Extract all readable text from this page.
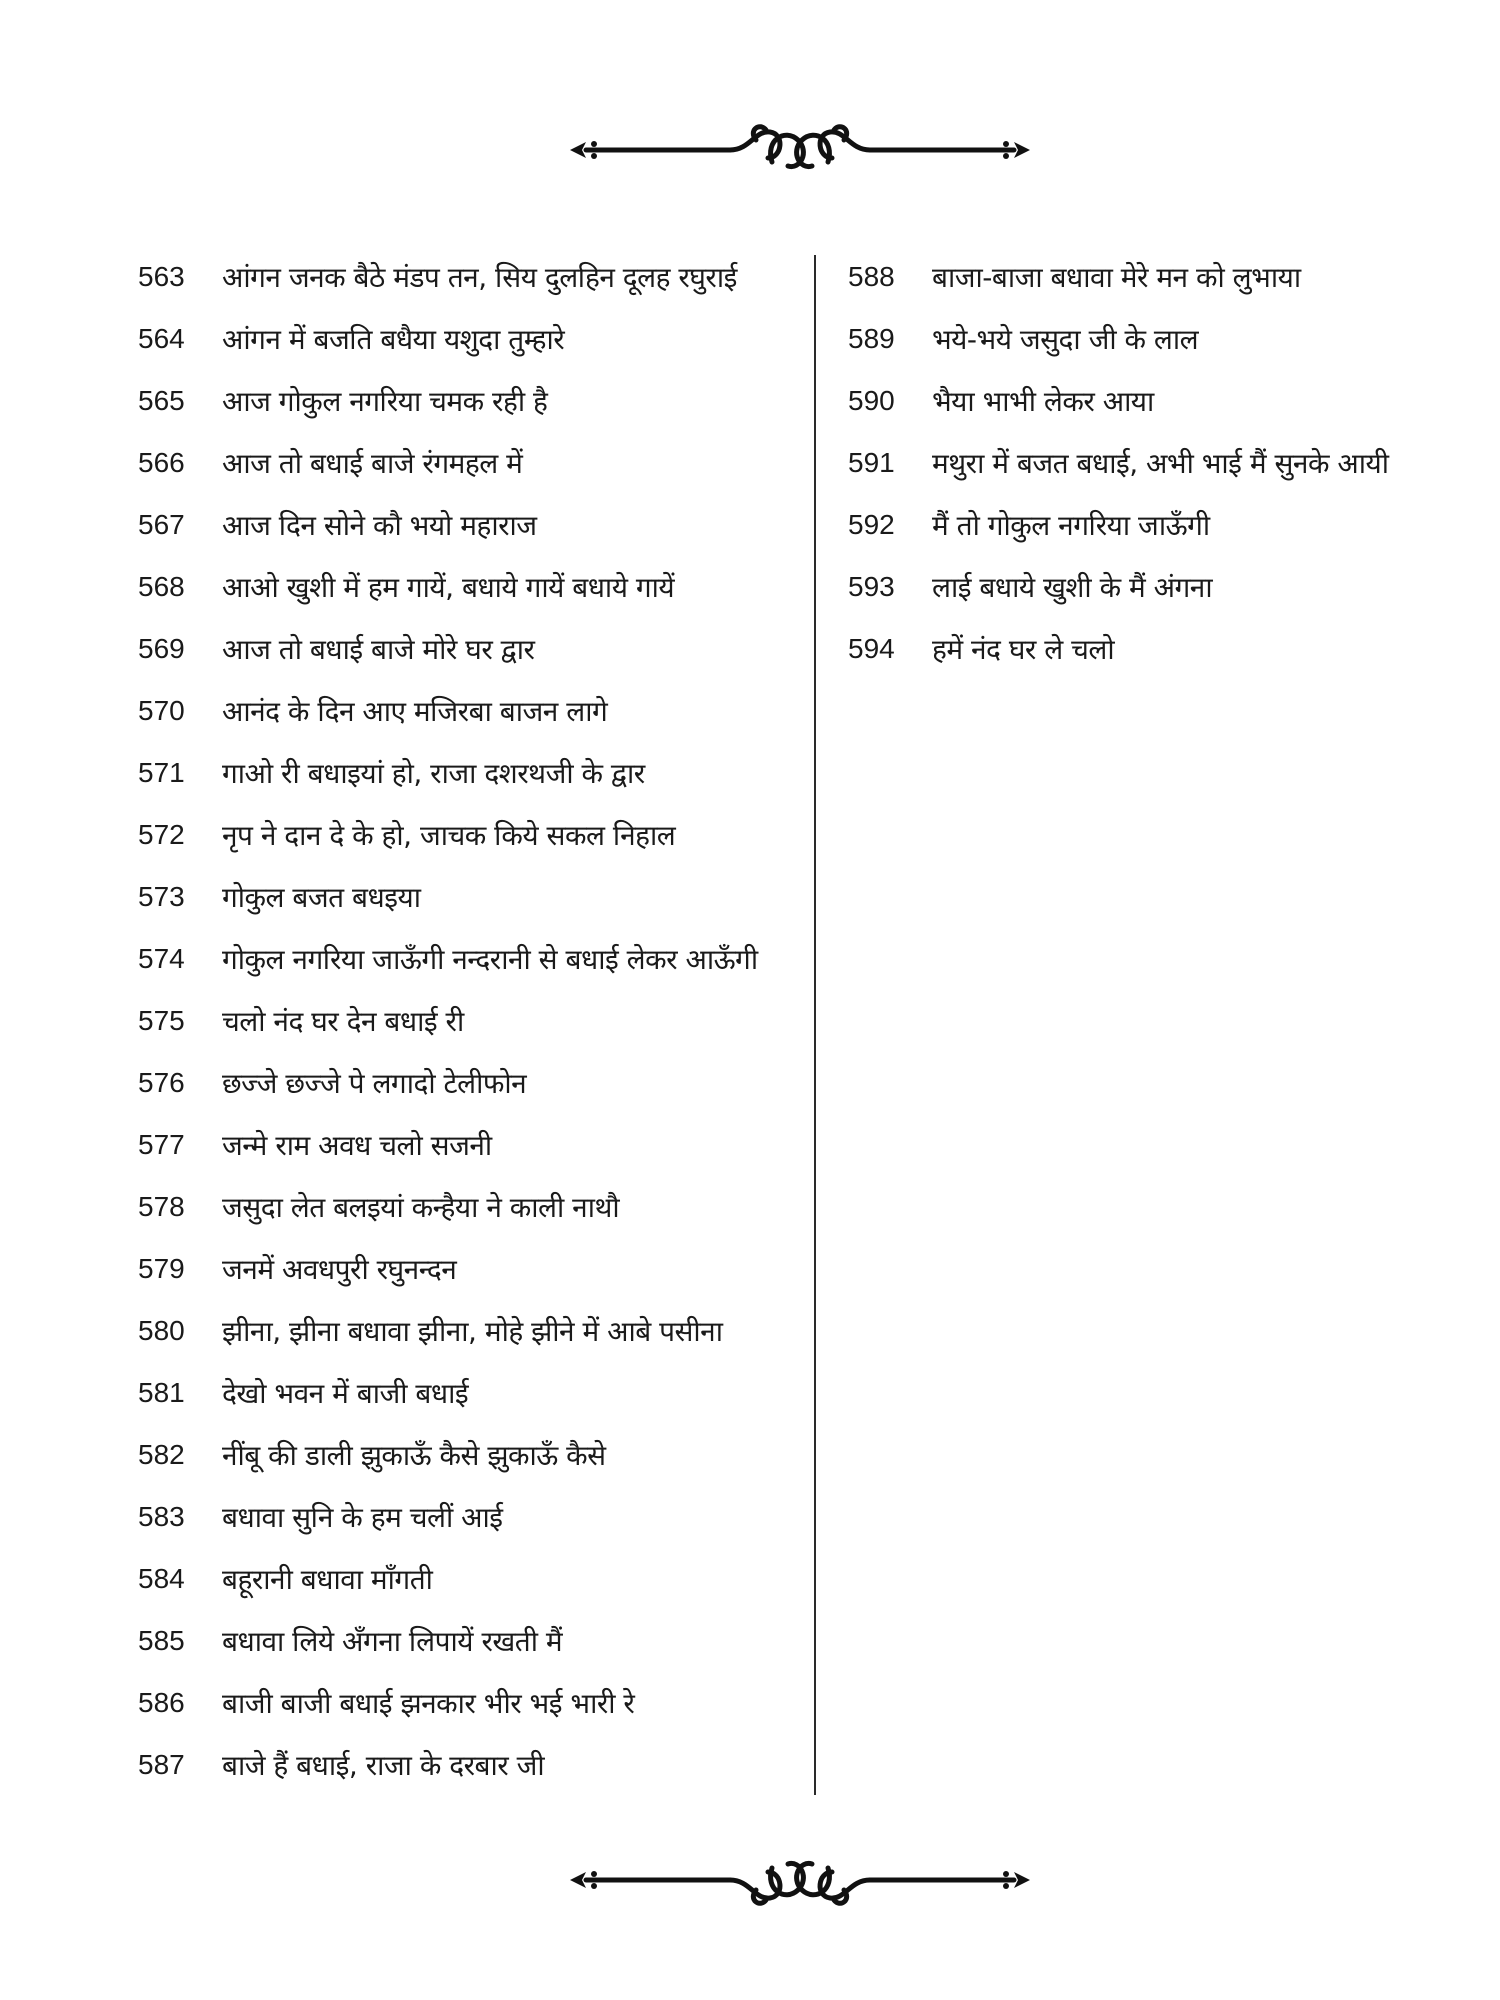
563	आंगन जनक बैठे मंडप तन, सिय दुलहिन दूलह रघुराई
564	आंगन में बजति बधैया यशुदा तुम्हारे
565	आज गोकुल नगरिया चमक रही है
566	आज तो बधाई बाजे रंगमहल में
567	आज दिन सोने कौ भयो महाराज
568	आओ खुशी में हम गायें, बधाये गायें बधाये गायें
569	आज तो बधाई बाजे मोरे घर द्वार
570	आनंद के दिन आए मजिरबा बाजन लागे
571	गाओ री बधाइयां हो, राजा दशरथजी के द्वार
572	नृप ने दान दे के हो, जाचक किये सकल निहाल
573	गोकुल बजत बधइया
574	गोकुल नगरिया जाऊँगी नन्दरानी से बधाई लेकर आऊँगी
575	चलो नंद घर देन बधाई री
576	छज्जे छज्जे पे लगादो टेलीफोन
577	जन्मे राम अवध चलो सजनी
578	जसुदा लेत बलइयां कन्हैया ने काली नाथौ
579	जनमें अवधपुरी रघुनन्दन
580	झीना, झीना बधावा झीना, मोहे झीने में आबे पसीना
581	देखो भवन में बाजी बधाई
582	नींबू की डाली झुकाऊँ कैसे झुकाऊँ कैसे
583	बधावा सुनि के हम चलीं आई
584	बहूरानी बधावा माँगती
585	बधावा लिये अँगना लिपायें रखती मैं
586	बाजी बाजी बधाई झनकार भीर भई भारी रे
587	बाजे हैं बधाई, राजा के दरबार जी
588	बाजा-बाजा बधावा मेरे मन को लुभाया
589	भये-भये जसुदा जी के लाल
590	भैया भाभी लेकर आया
591	मथुरा में बजत बधाई, अभी भाई मैं सुनके आयी
592	मैं तो गोकुल नगरिया जाऊँगी
593	लाई बधाये खुशी के मैं अंगना
594	हमें नंद घर ले चलो
